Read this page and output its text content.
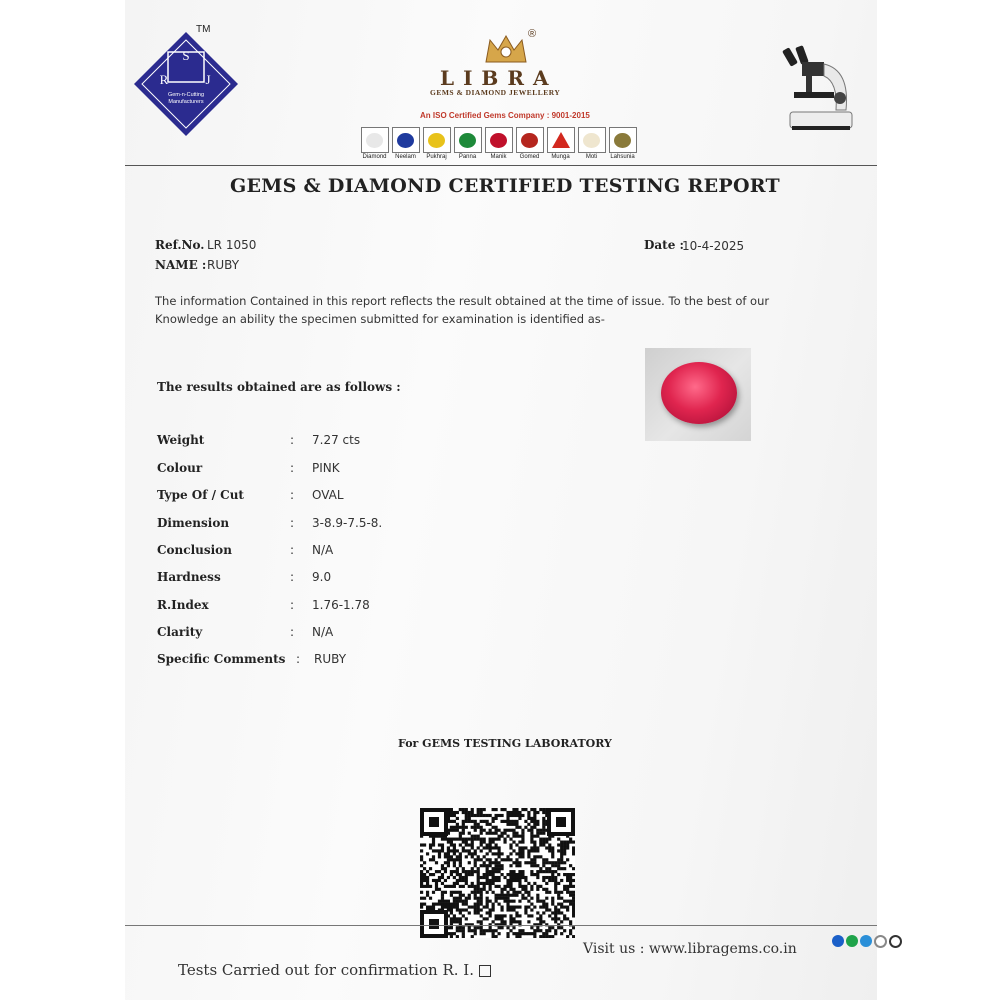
S
R	J
Gem-n-Cutting
Manufacturers
TM	®
LIBRA
GEMS & DIAMOND JEWELLERY
An ISO Certified Gems Company : 9001-2015
Diamond Neelam Pukhraj Panna Manik Gomed Munga	Moti Lahsunia
GEMS & DIAMOND CERTIFIED TESTING REPORT
Ref.No. LR 1050
NAME : RUBY
Date :
10-4-2025
The information Contained in this report reflects the result obtained at the time of issue. To the best of our Knowledge an ability the specimen submitted for examination is identified as-
The results obtained are as follows :
Weight	: 7.27 cts
Colour	: PINK
Type Of / Cut	: OVAL
Dimension	: 3-8.9-7.5-8.
Conclusion	: N/A
Hardness	: 9.0
R.Index	: 1.76-1.78
Clarity	: N/A
Specific Comments : RUBY
For GEMS TESTING LABORATORY
Visit us : www.libragems.co.in
Tests Carried out for confirmation R. I.
